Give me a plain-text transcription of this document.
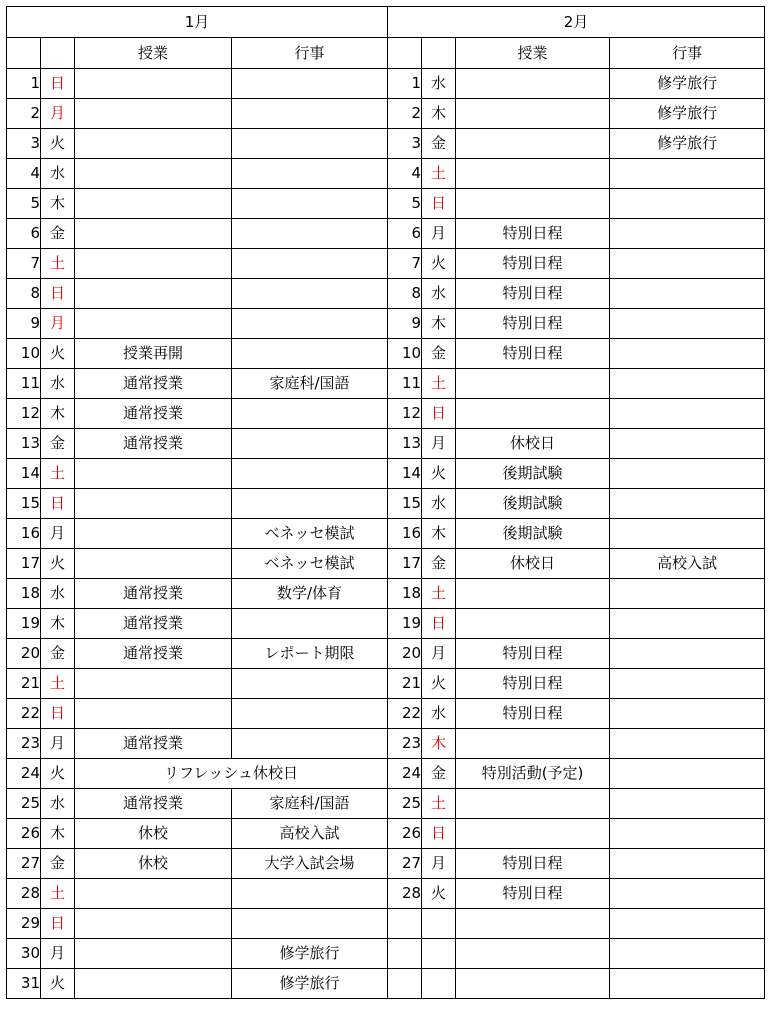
1月				2月			
		授業	行事			授業	行事
1	日			1	水		修学旅行
2	月			2	木		修学旅行
3	火			3	金		修学旅行
4	水			4	土		
5	木			5	日		
6	金			6	月	特別日程	
7	土			7	火	特別日程	
8	日			8	水	特別日程	
9	月			9	木	特別日程	
10	火	授業再開		10	金	特別日程	
11	水	通常授業	家庭科/国語	11	土		
12	木	通常授業		12	日		
13	金	通常授業		13	月	休校日	
14	土			14	火	後期試験	
15	日			15	水	後期試験	
16	月		ベネッセ模試	16	木	後期試験	
17	火		ベネッセ模試	17	金	休校日	高校入試
18	水	通常授業	数学/体育	18	土		
19	木	通常授業		19	日		
20	金	通常授業	レポート期限	20	月	特別日程	
21	土			21	火	特別日程	
22	日			22	水	特別日程	
23	月	通常授業		23	木		
24	火	リフレッシュ休校日		24	金	特別活動(予定)	
25	水	通常授業	家庭科/国語	25	土		
26	木	休校	高校入試	26	日		
27	金	休校	大学入試会場	27	月	特別日程	
28	土			28	火	特別日程	
29	日						
30	月		修学旅行				
31	火		修学旅行				
